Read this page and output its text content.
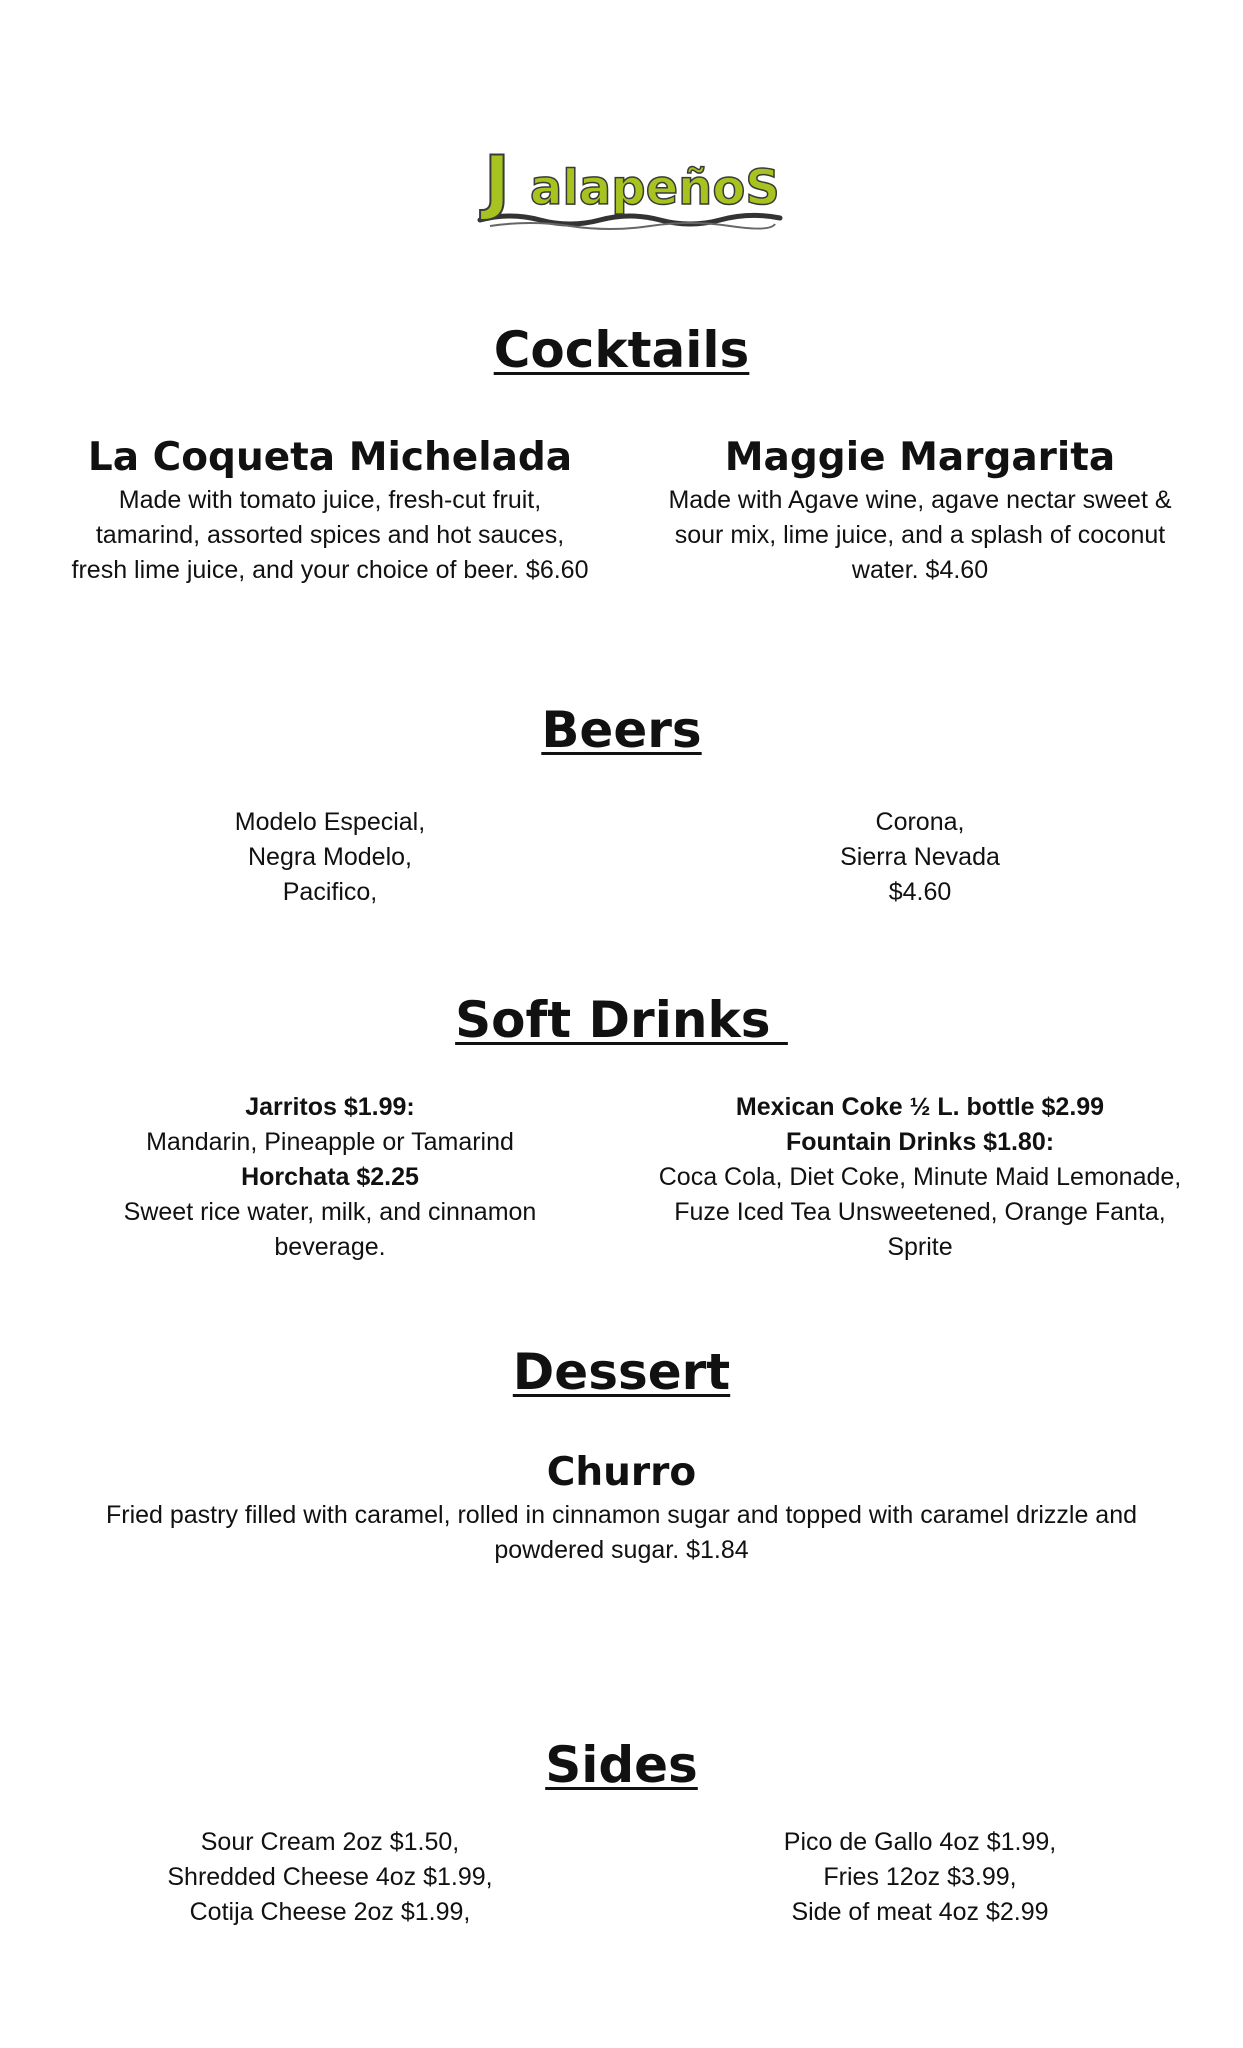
J alapeñoS
Cocktails
La Coqueta Michelada
Made with tomato juice, fresh-cut fruit, tamarind, assorted spices and hot sauces, fresh lime juice, and your choice of beer. $6.60
Maggie Margarita
Made with Agave wine, agave nectar sweet & sour mix, lime juice, and a splash of coconut water. $4.60
Beers
Modelo Especial,
Negra Modelo,
Pacifico,
Corona,
Sierra Nevada
$4.60
Soft Drinks
Jarritos $1.99:
Mandarin, Pineapple or Tamarind
Horchata $2.25
Sweet rice water, milk, and cinnamon beverage.
Mexican Coke ½ L. bottle $2.99
Fountain Drinks $1.80:
Coca Cola, Diet Coke, Minute Maid Lemonade, Fuze Iced Tea Unsweetened, Orange Fanta, Sprite
Dessert
Churro
Fried pastry filled with caramel, rolled in cinnamon sugar and topped with caramel drizzle and powdered sugar. $1.84
Sides
Sour Cream 2oz $1.50,
Shredded Cheese 4oz $1.99,
Cotija Cheese 2oz $1.99,
Pico de Gallo 4oz $1.99,
Fries 12oz $3.99,
Side of meat 4oz $2.99
